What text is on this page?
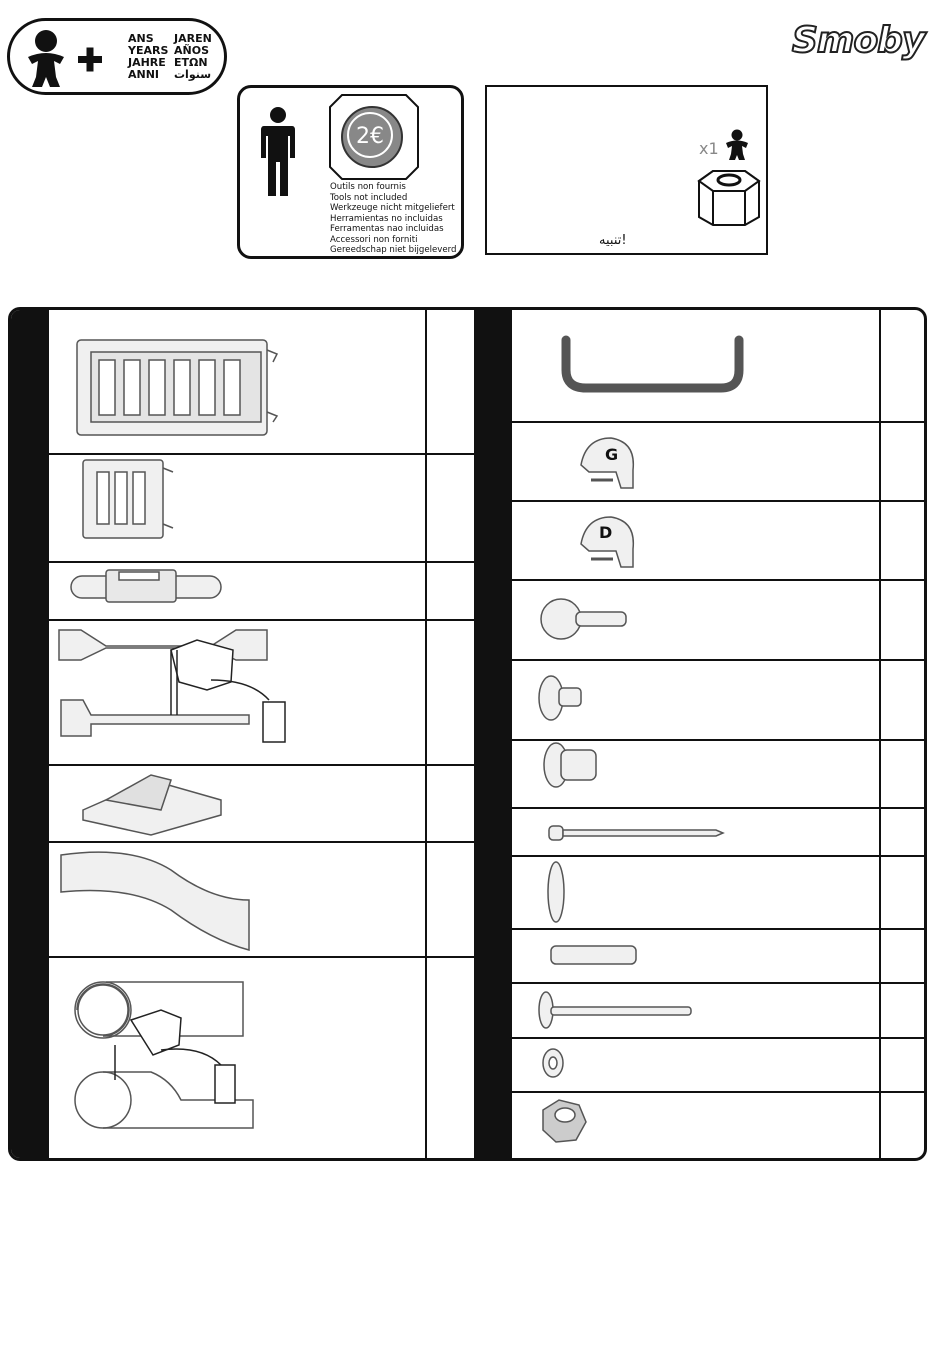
ANS JAREN
YEARS AÑOS
JAHRE ΕΤΩΝ
ANNI سنوات
Smoby
2€
Outils non fournis
Tools not included
Werkzeuge nicht mitgeliefert
Herramientas no incluidas
Ferramentas nao incluidas
Accessori non forniti
Gereedschap niet bijgeleverd
x1
تنبيه!
G
D
